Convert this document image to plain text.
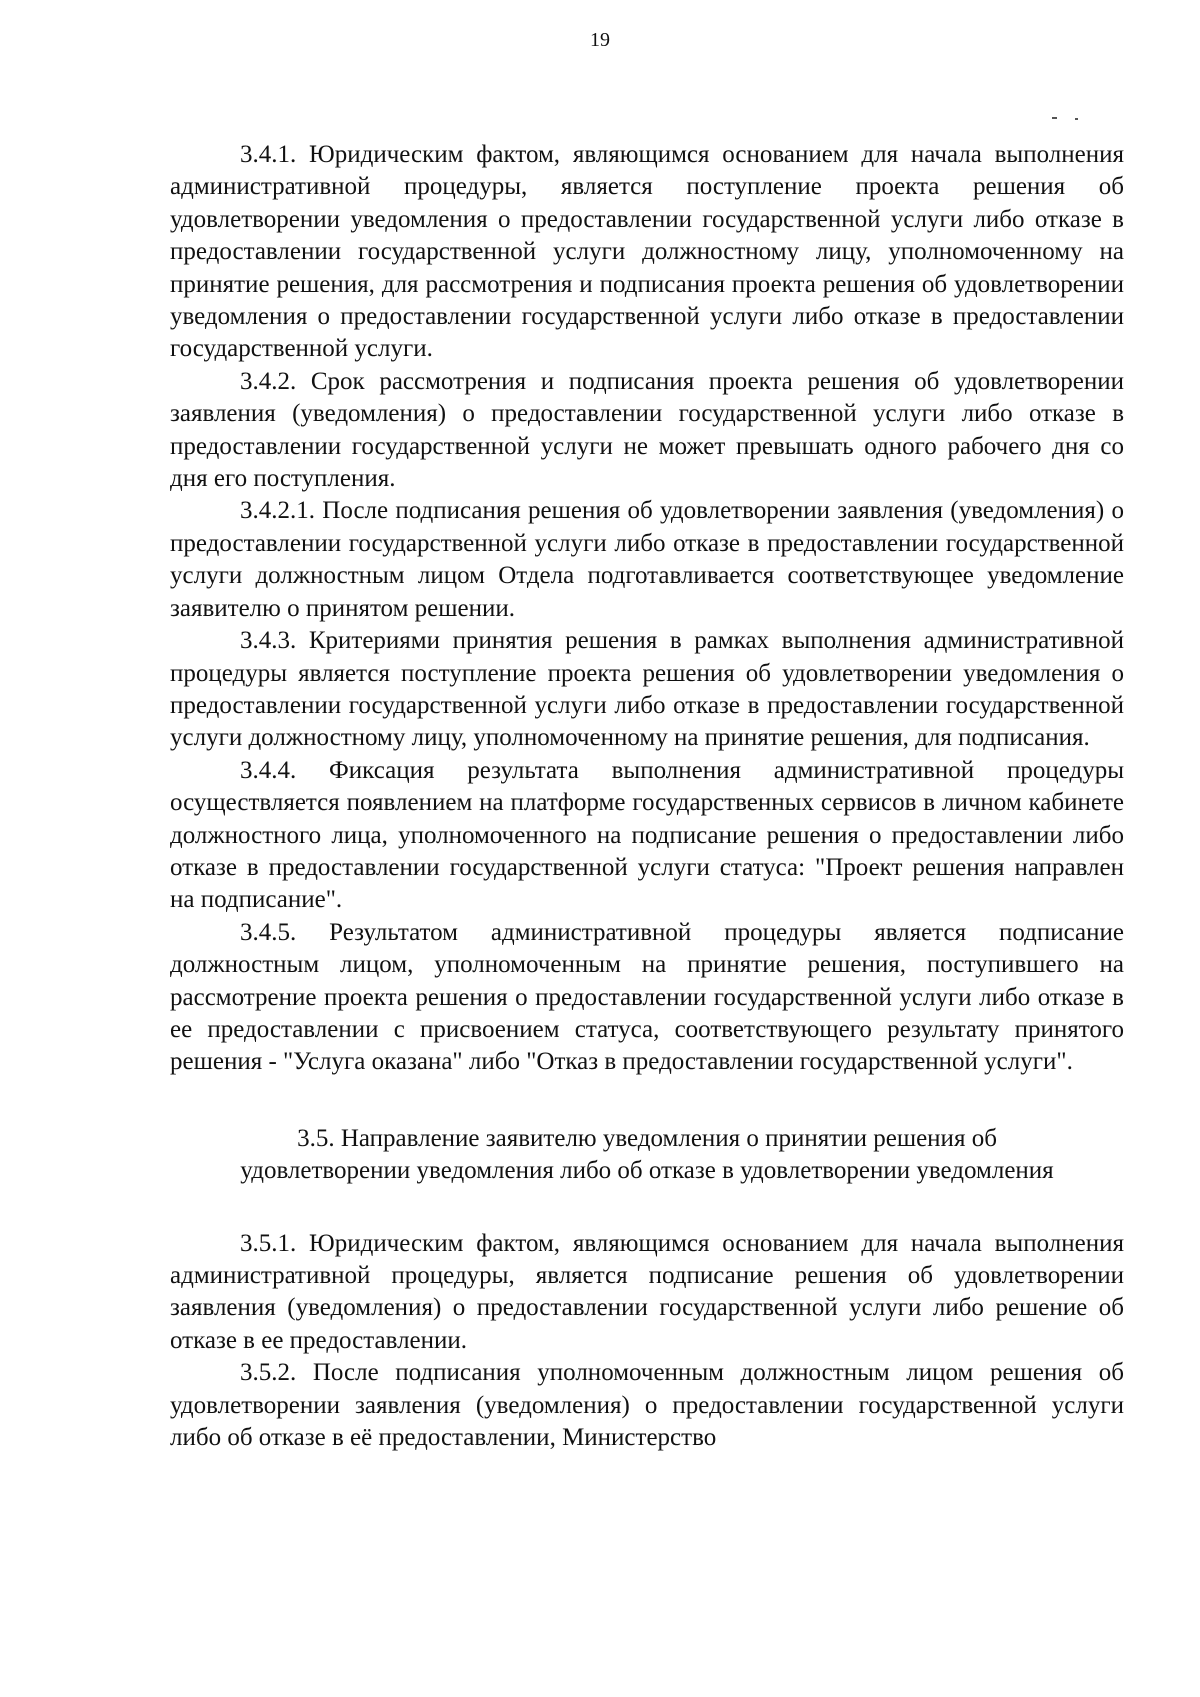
19

3.4.1. Юридическим фактом, являющимся основанием для начала выполнения административной процедуры, является поступление проекта решения об удовлетворении уведомления о предоставлении государственной услуги либо отказе в предоставлении государственной услуги должностному лицу, уполномоченному на принятие решения, для рассмотрения и подписания проекта решения об удовлетворении уведомления о предоставлении государственной услуги либо отказе в предоставлении государственной услуги.

3.4.2. Срок рассмотрения и подписания проекта решения об удовлетворении заявления (уведомления) о предоставлении государственной услуги либо отказе в предоставлении государственной услуги не может превышать одного рабочего дня со дня его поступления.

3.4.2.1. После подписания решения об удовлетворении заявления (уведомления) о предоставлении государственной услуги либо отказе в предоставлении государственной услуги должностным лицом Отдела подготавливается соответствующее уведомление заявителю о принятом решении.

3.4.3. Критериями принятия решения в рамках выполнения административной процедуры является поступление проекта решения об удовлетворении уведомления о предоставлении государственной услуги либо отказе в предоставлении государственной услуги должностному лицу, уполномоченному на принятие решения, для подписания.

3.4.4. Фиксация результата выполнения административной процедуры осуществляется появлением на платформе государственных сервисов в личном кабинете должностного лица, уполномоченного на подписание решения о предоставлении либо отказе в предоставлении государственной услуги статуса: "Проект решения направлен на подписание".

3.4.5. Результатом административной процедуры является подписание должностным лицом, уполномоченным на принятие решения, поступившего на рассмотрение проекта решения о предоставлении государственной услуги либо отказе в ее предоставлении с присвоением статуса, соответствующего результату принятого решения - "Услуга оказана" либо "Отказ в предоставлении государственной услуги".

3.5. Направление заявителю уведомления о принятии решения об
удовлетворении уведомления либо об отказе в удовлетворении уведомления

3.5.1. Юридическим фактом, являющимся основанием для начала выполнения административной процедуры, является подписание решения об удовлетворении заявления (уведомления) о предоставлении государственной услуги либо решение об отказе в ее предоставлении.

3.5.2. После подписания уполномоченным должностным лицом решения об удовлетворении заявления (уведомления) о предоставлении государственной услуги либо об отказе в её предоставлении, Министерство
